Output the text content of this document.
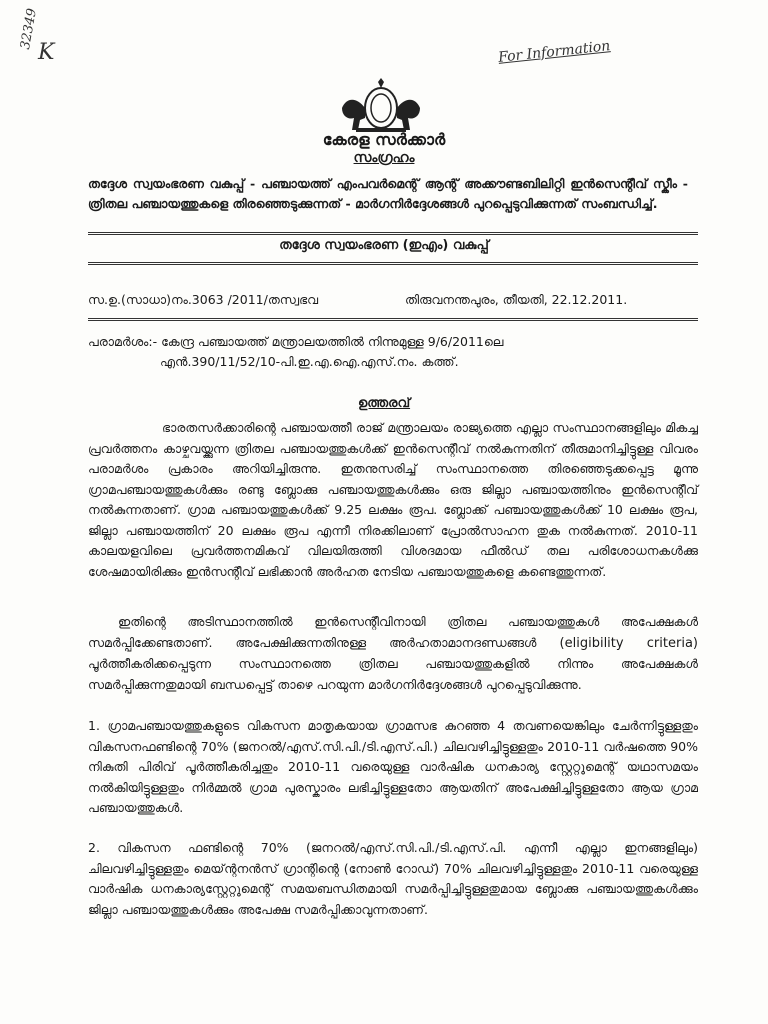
32349
K	For Information
കേരള സർക്കാർ
സംഗ്രഹം
തദ്ദേശ സ്വയംഭരണ വകുപ്പ് - പഞ്ചായത്ത് എംപവർമെന്റ് ആന്റ് അക്കൗണ്ടബിലിറ്റി ഇൻസെന്റീവ് സ്കീം - ത്രിതല പഞ്ചായത്തുകളെ തിരഞ്ഞെടുക്കുന്നത് - മാർഗനിർദ്ദേശങ്ങൾ പുറപ്പെടുവിക്കുന്നത് സംബന്ധിച്ച്.
തദ്ദേശ സ്വയംഭരണ (ഇഎം) വകുപ്പ്
സ.ഉ.(സാധാ)നം.3063 /2011/തസ്വഭവ	തിരുവനന്തപുരം, തീയതി, 22.12.2011.
പരാമർശം:- കേന്ദ്ര പഞ്ചായത്ത് മന്ത്രാലയത്തിൽ നിന്നുമുള്ള 9/6/2011ലെ
എൻ.390/11/52/10-പി.ഇ.എ.ഐ.എസ്.നം. കത്ത്.
ഉത്തരവ്
ഭാരതസർക്കാരിന്റെ പഞ്ചായത്തീ രാജ് മന്ത്രാലയം രാജ്യത്തെ എല്ലാ സംസ്ഥാനങ്ങളിലും മികച്ച പ്രവർത്തനം കാഴ്ചവയ്ക്കുന്ന ത്രിതല പഞ്ചായത്തുകൾക്ക് ഇൻസെന്റീവ് നൽകുന്നതിന് തീരുമാനിച്ചിട്ടുള്ള വിവരം പരാമർശം പ്രകാരം അറിയിച്ചിരുന്നു. ഇതനുസരിച്ച് സംസ്ഥാനത്തെ തിരഞ്ഞെടുക്കപ്പെട്ട മൂന്നു ഗ്രാമപഞ്ചായത്തുകൾക്കും രണ്ടു ബ്ലോക്കു പഞ്ചായത്തുകൾക്കും ഒരു ജില്ലാ പഞ്ചായത്തിനും ഇൻസെന്റീവ് നൽകുന്നതാണ്. ഗ്രാമ പഞ്ചായത്തുകൾക്ക് 9.25 ലക്ഷം രൂപ. ബ്ലോക്ക് പഞ്ചായത്തുകൾക്ക് 10 ലക്ഷം രൂപ, ജില്ലാ പഞ്ചായത്തിന് 20 ലക്ഷം രൂപ എന്നീ നിരക്കിലാണ് പ്രോൽസാഹന തുക നൽകുന്നത്. 2010-11 കാലയളവിലെ പ്രവർത്തനമികവ് വിലയിരുത്തി വിശദമായ ഫീൽഡ് തല പരിശോധനകൾക്കു ശേഷമായിരിക്കും ഇൻസന്റീവ് ലഭിക്കാൻ അർഹത നേടിയ പഞ്ചായത്തുകളെ കണ്ടെത്തുന്നത്.
ഇതിന്റെ അടിസ്ഥാനത്തിൽ ഇൻസെന്റീവിനായി ത്രിതല പഞ്ചായത്തുകൾ അപേക്ഷകൾ സമർപ്പിക്കേണ്ടതാണ്. അപേക്ഷിക്കുന്നതിനുള്ള അർഹതാമാനദണ്ഡങ്ങൾ (eligibility criteria) പൂർത്തീകരിക്കപ്പെടുന്ന സംസ്ഥാനത്തെ ത്രിതല പഞ്ചായത്തുകളിൽ നിന്നും അപേക്ഷകൾ സമർപ്പിക്കുന്നതുമായി ബന്ധപ്പെട്ട് താഴെ പറയുന്ന മാർഗനിർദ്ദേശങ്ങൾ പുറപ്പെടുവിക്കുന്നു.
1. ഗ്രാമപഞ്ചായത്തുകളുടെ വികസന മാതൃകയായ ഗ്രാമസഭ കുറഞ്ഞ 4 തവണയെങ്കിലും ചേർന്നിട്ടുള്ളതും വികസനഫണ്ടിന്റെ 70% (ജനറൽ/എസ്.സി.പി./ടി.എസ്.പി.) ചിലവഴിച്ചിട്ടുള്ളതും 2010-11 വർഷത്തെ 90% നികുതി പിരിവ് പൂർത്തീകരിച്ചതും 2010-11 വരെയുള്ള വാർഷിക ധനകാര്യ സ്റ്റേറ്റുമെന്റ് യഥാസമയം നൽകിയിട്ടുള്ളതും നിർമ്മൽ ഗ്രാമ പുരസ്കാരം ലഭിച്ചിട്ടുള്ളതോ ആയതിന് അപേക്ഷിച്ചിട്ടുള്ളതോ ആയ ഗ്രാമ പഞ്ചായത്തുകൾ.
2. വികസന ഫണ്ടിന്റെ 70% (ജനറൽ/എസ്.സി.പി./ടി.എസ്.പി. എന്നീ എല്ലാ ഇനങ്ങളിലും) ചിലവഴിച്ചിട്ടുള്ളതും മെയ്ന്റനൻസ് ഗ്രാന്റിന്റെ (നോൺ റോഡ്) 70% ചിലവഴിച്ചിട്ടുള്ളതും 2010-11 വരെയുള്ള വാർഷിക ധനകാര്യസ്റ്റേറ്റുമെന്റ് സമയബന്ധിതമായി സമർപ്പിച്ചിട്ടുള്ളതുമായ ബ്ലോക്കു പഞ്ചായത്തുകൾക്കും ജില്ലാ പഞ്ചായത്തുകൾക്കും അപേക്ഷ സമർപ്പിക്കാവുന്നതാണ്.
